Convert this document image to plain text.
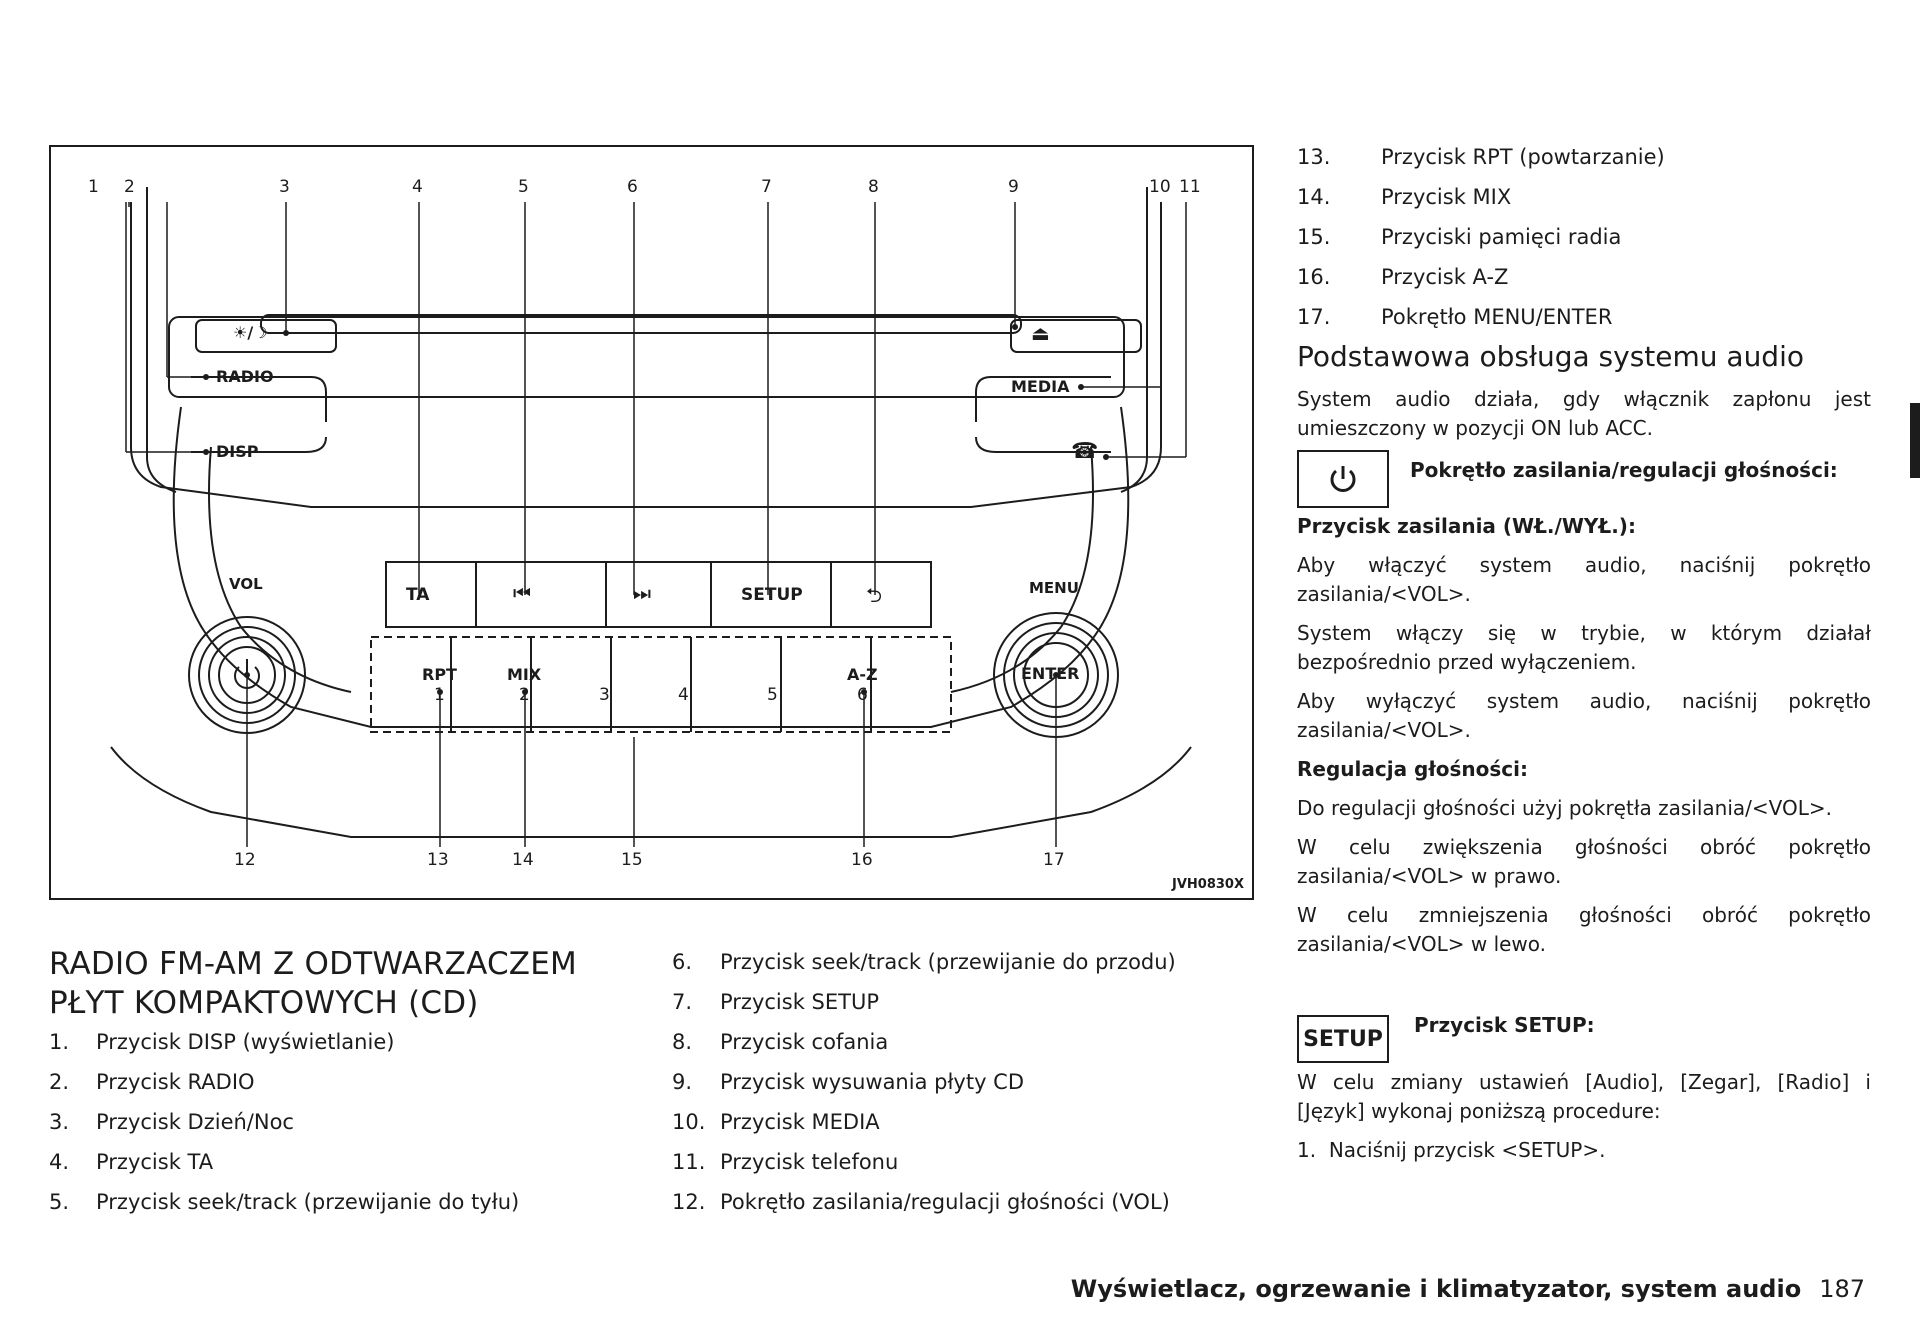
1 2	3	4	5	6	7	8	9	10 11
☀/☽	⏏
RADIO
DISP
MEDIA
☎
VOL	MENU
ENTER
TA	⏮	⏭	SETUP	⮌
RPT	MIX	A-Z
1	2	3	4	5	6
12	13	14	15	16	17
JVH0830X
RADIO FM-AM Z ODTWARZACZEM PŁYT KOMPAKTOWYCH (CD)
1. Przycisk DISP (wyświetlanie)
2. Przycisk RADIO
3. Przycisk Dzień/Noc
4. Przycisk TA
5. Przycisk seek/track (przewijanie do tyłu)
6. Przycisk seek/track (przewijanie do przodu)
7. Przycisk SETUP
8. Przycisk cofania
9. Przycisk wysuwania płyty CD
10. Przycisk MEDIA
11. Przycisk telefonu
12. Pokrętło zasilania/regulacji głośności (VOL)
13. Przycisk RPT (powtarzanie)
14. Przycisk MIX
15. Przyciski pamięci radia
16. Przycisk A-Z
17. Pokrętło MENU/ENTER
Podstawowa obsługa systemu audio

System audio działa, gdy włącznik zapłonu jest umieszczony w pozycji ON lub ACC.

Pokrętło zasilania/regulacji głośności:

Przycisk zasilania (WŁ./WYŁ.):

Aby włączyć system audio, naciśnij pokrętło zasilania/<VOL>.

System włączy się w trybie, w którym działał bezpośrednio przed wyłączeniem.

Aby wyłączyć system audio, naciśnij pokrętło zasilania/<VOL>.

Regulacja głośności:

Do regulacji głośności użyj pokrętła zasilania/<VOL>.

W celu zwiększenia głośności obróć pokrętło zasilania/<VOL> w prawo.

W celu zmniejszenia głośności obróć pokrętło zasilania/<VOL> w lewo.

SETUP
Przycisk SETUP:

W celu zmiany ustawień [Audio], [Zegar], [Radio] i [Język] wykonaj poniższą procedure:

1. Naciśnij przycisk <SETUP>.

Wyświetlacz, ogrzewanie i klimatyzator, system audio 187
